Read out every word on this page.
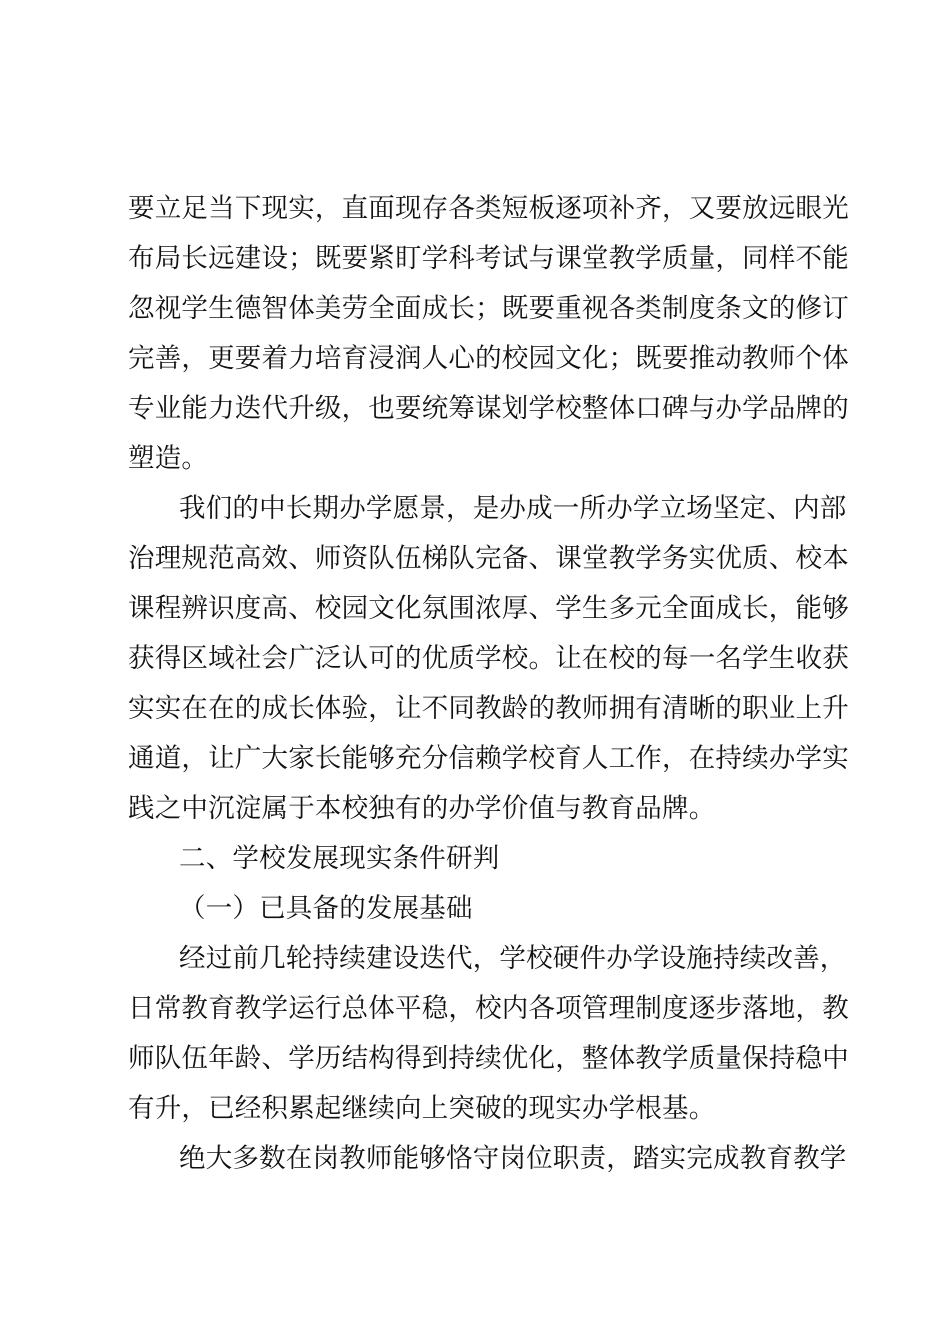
要立足当下现实，直面现存各类短板逐项补齐，又要放远眼光
布局长远建设；既要紧盯学科考试与课堂教学质量，同样不能
忽视学生德智体美劳全面成长；既要重视各类制度条文的修订
完善，更要着力培育浸润人心的校园文化；既要推动教师个体
专业能力迭代升级，也要统筹谋划学校整体口碑与办学品牌的
塑造。
我们的中长期办学愿景，是办成一所办学立场坚定、内部
治理规范高效、师资队伍梯队完备、课堂教学务实优质、校本
课程辨识度高、校园文化氛围浓厚、学生多元全面成长，能够
获得区域社会广泛认可的优质学校。让在校的每一名学生收获
实实在在的成长体验，让不同教龄的教师拥有清晰的职业上升
通道，让广大家长能够充分信赖学校育人工作，在持续办学实
践之中沉淀属于本校独有的办学价值与教育品牌。
二、学校发展现实条件研判
（一）已具备的发展基础
经过前几轮持续建设迭代，学校硬件办学设施持续改善，
日常教育教学运行总体平稳，校内各项管理制度逐步落地，教
师队伍年龄、学历结构得到持续优化，整体教学质量保持稳中
有升，已经积累起继续向上突破的现实办学根基。
绝大多数在岗教师能够恪守岗位职责，踏实完成教育教学
